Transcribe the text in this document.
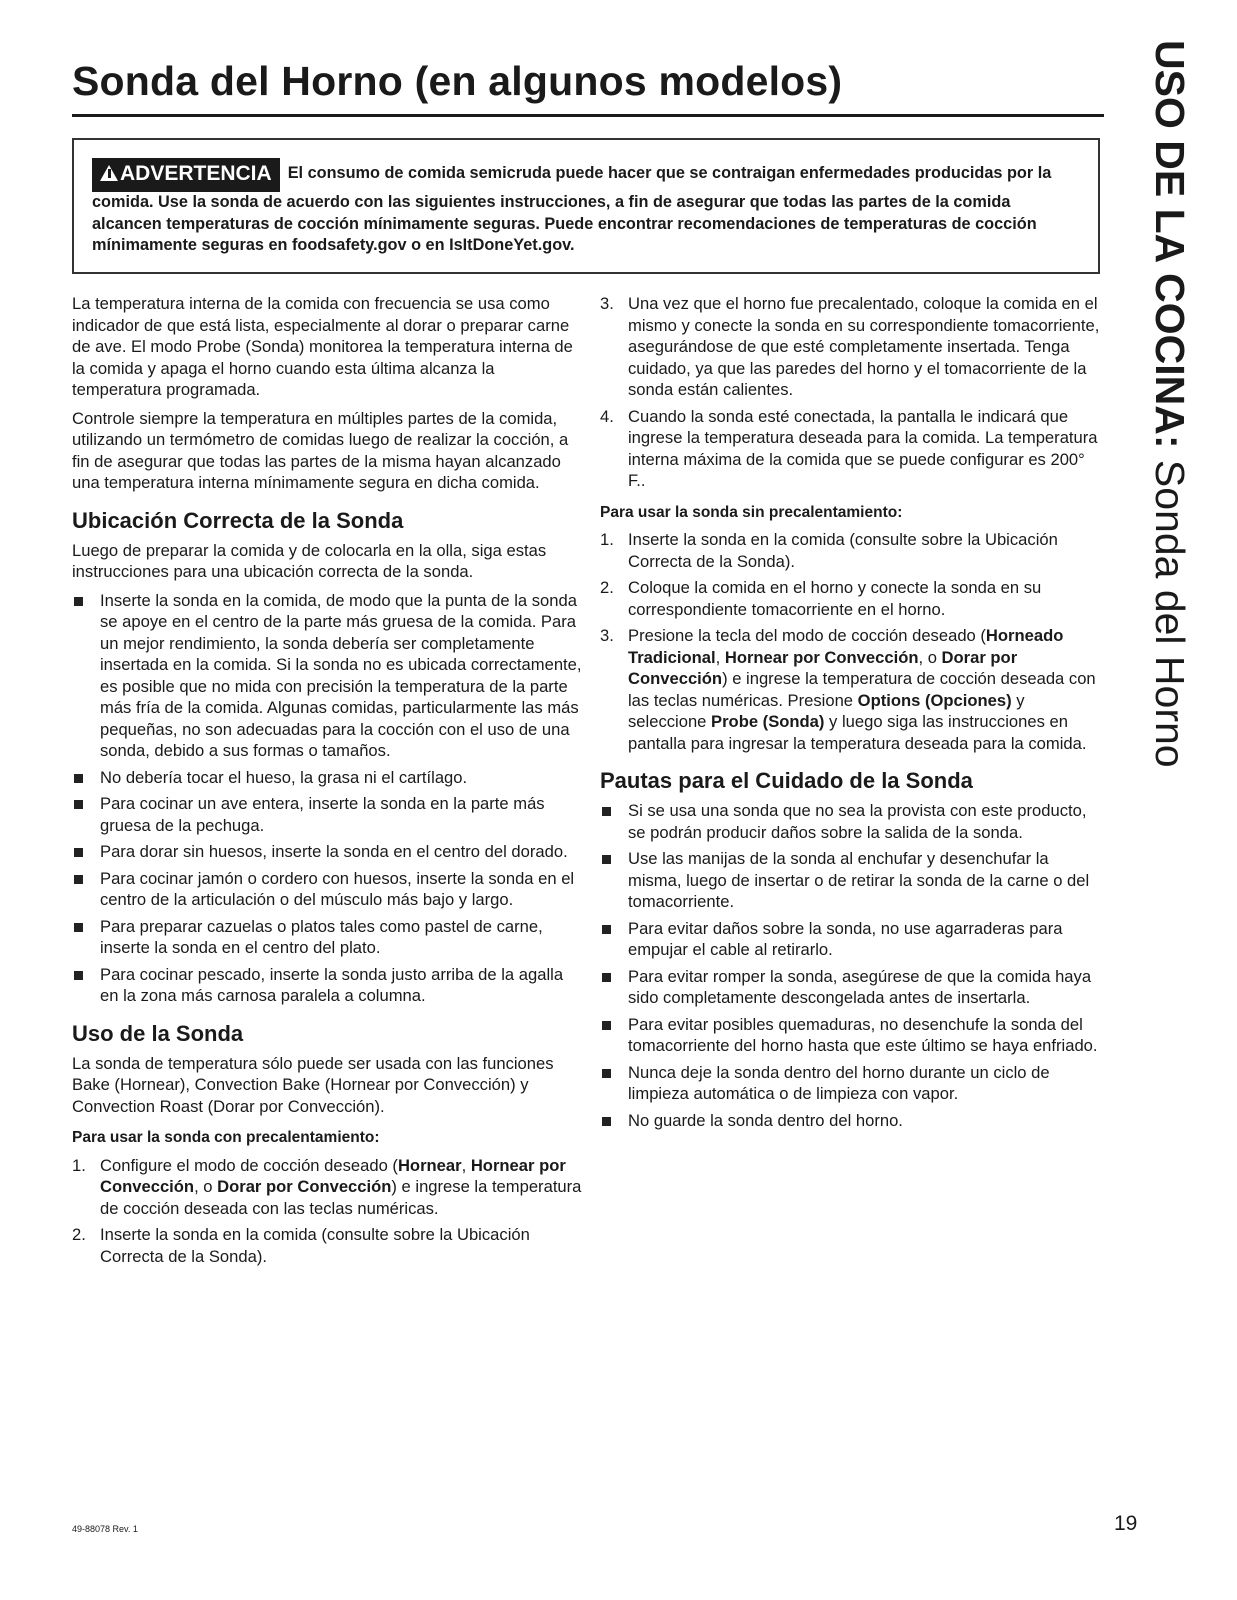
Sonda del Horno (en algunos modelos)
ADVERTENCIA El consumo de comida semicruda puede hacer que se contraigan enfermedades producidas por la comida. Use la sonda de acuerdo con las siguientes instrucciones, a fin de asegurar que todas las partes de la comida alcancen temperaturas de cocción mínimamente seguras. Puede encontrar recomendaciones de temperaturas de cocción mínimamente seguras en foodsafety.gov o en IsItDoneYet.gov.

La temperatura interna de la comida con frecuencia se usa como indicador de que está lista, especialmente al dorar o preparar carne de ave. El modo Probe (Sonda) monitorea la temperatura interna de la comida y apaga el horno cuando esta última alcanza la temperatura programada.

Controle siempre la temperatura en múltiples partes de la comida, utilizando un termómetro de comidas luego de realizar la cocción, a fin de asegurar que todas las partes de la misma hayan alcanzado una temperatura interna mínimamente segura en dicha comida.

Ubicación Correcta de la Sonda

Luego de preparar la comida y de colocarla en la olla, siga estas instrucciones para una ubicación correcta de la sonda.

Inserte la sonda en la comida, de modo que la punta de la sonda se apoye en el centro de la parte más gruesa de la comida. Para un mejor rendimiento, la sonda debería ser completamente insertada en la comida. Si la sonda no es ubicada correctamente, es posible que no mida con precisión la temperatura de la parte más fría de la comida. Algunas comidas, particularmente las más pequeñas, no son adecuadas para la cocción con el uso de una sonda, debido a sus formas o tamaños.
No debería tocar el hueso, la grasa ni el cartílago.
Para cocinar un ave entera, inserte la sonda en la parte más gruesa de la pechuga.
Para dorar sin huesos, inserte la sonda en el centro del dorado.
Para cocinar jamón o cordero con huesos, inserte la sonda en el centro de la articulación o del músculo más bajo y largo.
Para preparar cazuelas o platos tales como pastel de carne, inserte la sonda en el centro del plato.
Para cocinar pescado, inserte la sonda justo arriba de la agalla en la zona más carnosa paralela a columna.
Uso de la Sonda

La sonda de temperatura sólo puede ser usada con las funciones Bake (Hornear), Convection Bake (Hornear por Convección) y Convection Roast (Dorar por Convección).

Para usar la sonda con precalentamiento:
1. Configure el modo de cocción deseado (Hornear, Hornear por Convección, o Dorar por Convección) e ingrese la temperatura de cocción deseada con las teclas numéricas.
2. Inserte la sonda en la comida (consulte sobre la Ubicación Correcta de la Sonda).
3. Una vez que el horno fue precalentado, coloque la comida en el mismo y conecte la sonda en su correspondiente tomacorriente, asegurándose de que esté completamente insertada. Tenga cuidado, ya que las paredes del horno y el tomacorriente de la sonda están calientes.
4. Cuando la sonda esté conectada, la pantalla le indicará que ingrese la temperatura deseada para la comida. La temperatura interna máxima de la comida que se puede configurar es 200° F..
Para usar la sonda sin precalentamiento:
1. Inserte la sonda en la comida (consulte sobre la Ubicación Correcta de la Sonda).
2. Coloque la comida en el horno y conecte la sonda en su correspondiente tomacorriente en el horno.
3. Presione la tecla del modo de cocción deseado (Horneado Tradicional, Hornear por Convección, o Dorar por Convección) e ingrese la temperatura de cocción deseada con las teclas numéricas. Presione Options (Opciones) y seleccione Probe (Sonda) y luego siga las instrucciones en pantalla para ingresar la temperatura deseada para la comida.
Pautas para el Cuidado de la Sonda
Si se usa una sonda que no sea la provista con este producto, se podrán producir daños sobre la salida de la sonda.
Use las manijas de la sonda al enchufar y desenchufar la misma, luego de insertar o de retirar la sonda de la carne o del tomacorriente.
Para evitar daños sobre la sonda, no use agarraderas para empujar el cable al retirarlo.
Para evitar romper la sonda, asegúrese de que la comida haya sido completamente descongelada antes de insertarla.
Para evitar posibles quemaduras, no desenchufe la sonda del tomacorriente del horno hasta que este último se haya enfriado.
Nunca deje la sonda dentro del horno durante un ciclo de limpieza automática o de limpieza con vapor.
No guarde la sonda dentro del horno.
USO DE LA COCINA: Sonda del Horno
49-88078 Rev. 1	19
